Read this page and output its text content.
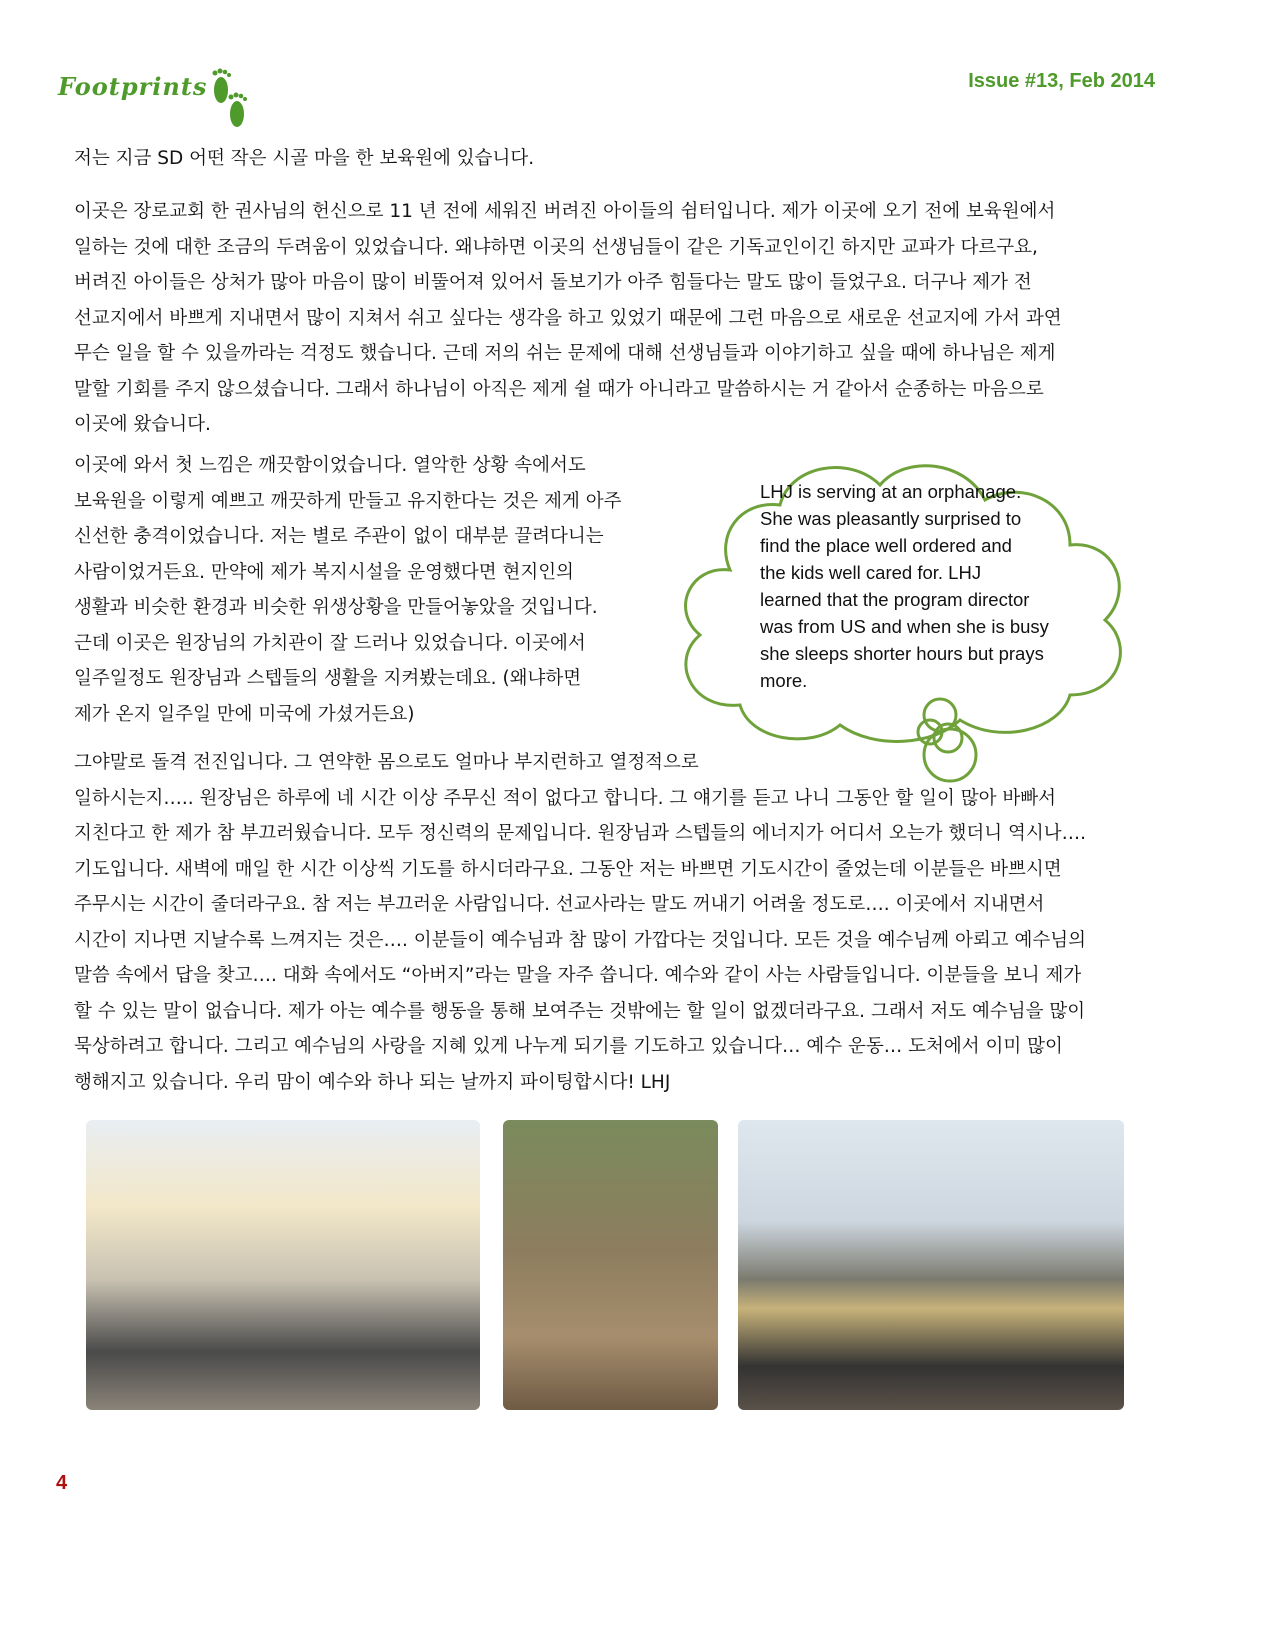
Footprints	Issue #13, Feb 2014

저는 지금 SD 어떤 작은 시골 마을 한 보육원에 있습니다.

이곳은 장로교회 한 권사님의 헌신으로 11 년 전에 세워진 버려진 아이들의 쉼터입니다. 제가 이곳에 오기 전에 보육원에서
일하는 것에 대한 조금의 두려움이 있었습니다. 왜냐하면 이곳의 선생님들이 같은 기독교인이긴 하지만 교파가 다르구요,
버려진 아이들은 상처가 많아 마음이 많이 비뚤어져 있어서 돌보기가 아주 힘들다는 말도 많이 들었구요. 더구나 제가 전
선교지에서 바쁘게 지내면서 많이 지쳐서 쉬고 싶다는 생각을 하고 있었기 때문에 그런 마음으로 새로운 선교지에 가서 과연
무슨 일을 할 수 있을까라는 걱정도 했습니다. 근데 저의 쉬는 문제에 대해 선생님들과 이야기하고 싶을 때에 하나님은 제게
말할 기회를 주지 않으셨습니다. 그래서 하나님이 아직은 제게 쉴 때가 아니라고 말씀하시는 거 같아서 순종하는 마음으로
이곳에 왔습니다.

이곳에 와서 첫 느낌은 깨끗함이었습니다. 열악한 상황 속에서도
보육원을 이렇게 예쁘고 깨끗하게 만들고 유지한다는 것은 제게 아주
신선한 충격이었습니다. 저는 별로 주관이 없이 대부분 끌려다니는
사람이었거든요. 만약에 제가 복지시설을 운영했다면 현지인의
생활과 비슷한 환경과 비슷한 위생상황을 만들어놓았을 것입니다.
근데 이곳은 원장님의 가치관이 잘 드러나 있었습니다. 이곳에서
일주일정도 원장님과 스텝들의 생활을 지켜봤는데요. (왜냐하면
제가 온지 일주일 만에 미국에 가셨거든요)

LHJ is serving at an orphanage.
She was pleasantly surprised to
find the place well ordered and
the kids well cared for. LHJ
learned that the program director
was from US and when she is busy
she sleeps shorter hours but prays
more.

그야말로 돌격 전진입니다. 그 연약한 몸으로도 얼마나 부지런하고 열정적으로
일하시는지….. 원장님은 하루에 네 시간 이상 주무신 적이 없다고 합니다. 그 얘기를 듣고 나니 그동안 할 일이 많아 바빠서
지친다고 한 제가 참 부끄러웠습니다. 모두 정신력의 문제입니다. 원장님과 스텝들의 에너지가 어디서 오는가 했더니 역시나….
기도입니다. 새벽에 매일 한 시간 이상씩 기도를 하시더라구요. 그동안 저는 바쁘면 기도시간이 줄었는데 이분들은 바쁘시면
주무시는 시간이 줄더라구요. 참 저는 부끄러운 사람입니다. 선교사라는 말도 꺼내기 어려울 정도로…. 이곳에서 지내면서
시간이 지나면 지날수록 느껴지는 것은…. 이분들이 예수님과 참 많이 가깝다는 것입니다. 모든 것을 예수님께 아뢰고 예수님의
말씀 속에서 답을 찾고…. 대화 속에서도 “아버지”라는 말을 자주 씁니다. 예수와 같이 사는 사람들입니다. 이분들을 보니 제가
할 수 있는 말이 없습니다. 제가 아는 예수를 행동을 통해 보여주는 것밖에는 할 일이 없겠더라구요. 그래서 저도 예수님을 많이
묵상하려고 합니다. 그리고 예수님의 사랑을 지혜 있게 나누게 되기를 기도하고 있습니다… 예수 운동… 도처에서 이미 많이
행해지고 있습니다. 우리 맘이 예수와 하나 되는 날까지 파이팅합시다! LHJ

4
